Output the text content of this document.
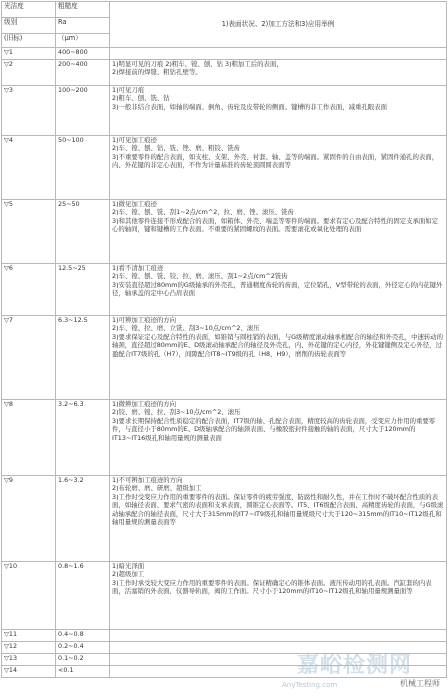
光洁度	粗糙度	1)表面状况、2)加工方法和3)应用举例
级别	Ra	
(旧标)	（μm）	
▽1	400~800	
▽2	200~400	1)明显可见的刀痕 2)粗车、镗、刨、钻 3)粗加工后的表面，
2)焊接前的焊缝、粗钻孔壁等。
▽3	100~200	1)可见刀痕
2)粗车、刨、铣、钻
3)一般非结合表面，如轴的端面、倒角、齿轮及皮带轮的侧面、键槽的非工作表面，减重孔眼表面
▽4	50~100	1)可见加工痕迹
2)车、镗、刨、钻、铣、锉、磨、粗铰、铣齿
3)不重要零件的配合表面，如支柱、支架、外壳、衬套、轴、盖等的端面。紧固件的自由表面，紧固件通孔的表面，内、外花键的非定心表面，不作为计量基准的齿轮顶圆圆表面等
▽5	25~50	1)微见加工痕迹
2)车、镗、刨、铣、刮1~2点/cm^2、拉、磨、锉、滚压、铣齿
3)和其他零件连接不形成配合的表面，如箱体、外壳、端盖等零件的端面。要求有定心及配合特性的固定支承面如定心的轴间，键和键槽的工作表面。不重要的紧固螺纹的表面。需要滚花或氧化处理的表面
▽6	12.5~25	1)看不清加工痕迹
2)车、镗、刨、铣、铰、拉、磨、滚压、刮1~2点/cm^2铣齿
3)安装直径超过80mm的G级轴承的外壳孔，普通精度齿轮的齿面，定位销孔，V型带轮的表面，外径定心的内花键外径，轴承盖的定中心凸肩表面
▽7	6.3~12.5	1)可辨加工痕迹的方向
2)车、镗、拉、磨、立铣、刮3~10点/cm^2、滚压
3)要求保证定心及配合特性的表面，如锥销与圆柱销的表面，与G级精度滚动轴承相配合的轴径和外壳孔，中速转动的轴颈，直径超过80mm的E、D级滚动轴承配合的轴径及外壳孔，内、外花键的定心内径，外花键键侧及定心外径，过盈配合IT7级的孔（H7），间隙配合IT8~IT9级的孔（H8，H9），磨削的齿轮表面等
▽8	3.2~6.3	1)微辨加工痕迹的方向
2)铰、磨、镗、拉、刮3~10点/cm^2、滚压
3)要求长期保持配合性质稳定的配合表面，IT7级的轴、孔配合表面，精度较高的齿轮表面，受变应力作用的重要零件，与直径小于80mm的E、D级轴承配合的轴颈表面、与橡胶密封件接触的轴的表面，尺寸大于120mm的IT13~IT16级孔和轴用量规的测量表面
▽9	1.6~3.2	1)不可辨加工痕迹的方向
2)布轮磨、磨、研磨、超级加工
3)工作时受变应力作用的重要零件的表面。保证零件的疲劳强度、防腐性和耐久性，并在工作时不破坏配合性质的表面，如轴径表面、要求气密的表面和支承表面，圆锥定心表面等。IT5、IT6级配合表面、高精度齿轮的表面，与G级滚动轴承配合的轴径表面，尺寸大于315mm的IT7~IT9级孔和轴用量规级尺寸大于120~315mm的IT10~IT12级孔和轴用量规的测量表面等
▽10	0.8~1.6	1)暗光泽面
2)超级加工
3)工作时承受较大变应力作用的重要零件的表面。保证精确定心的锥体表面。液压传动用的孔表面。汽缸套的内表面，活塞销的外表面，仪器导轨面，阀的工作面。尺寸小于120mm的IT10~IT12级孔和轴用量规测量面等
▽11	0.4~0.8	
▽12	0.2~0.4	
▽13	0.1~0.2	
▽14	<0.1		嘉峪检测网
AnyTesting.com	机械工程师
